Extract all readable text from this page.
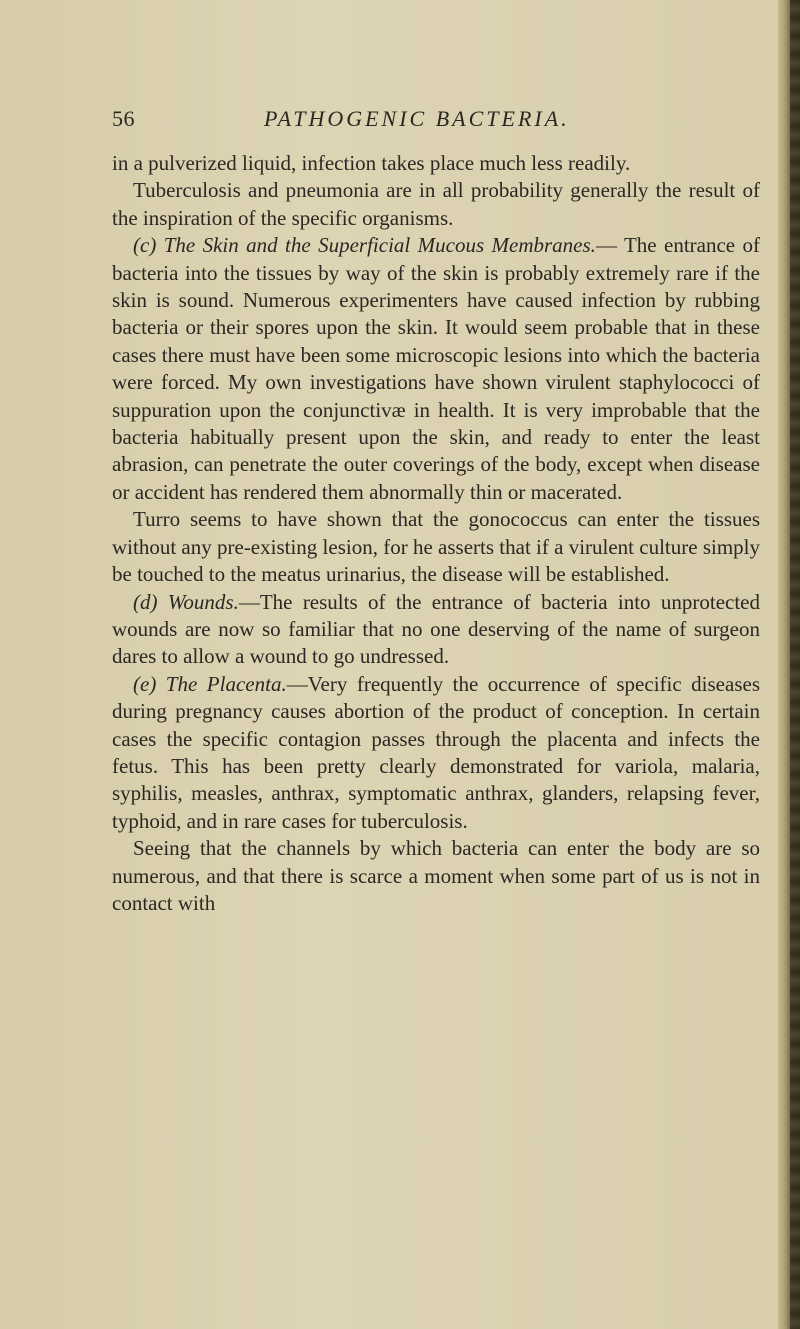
56	PATHOGENIC BACTERIA.

in a pulverized liquid, infection takes place much less readily.

Tuberculosis and pneumonia are in all probability generally the result of the inspiration of the specific organisms.

(c) The Skin and the Superficial Mucous Membranes.— The entrance of bacteria into the tissues by way of the skin is probably extremely rare if the skin is sound. Numerous experimenters have caused infection by rubbing bacteria or their spores upon the skin. It would seem probable that in these cases there must have been some microscopic lesions into which the bacteria were forced. My own investigations have shown virulent staphylococci of suppuration upon the conjunctivæ in health. It is very improbable that the bacteria habitually present upon the skin, and ready to enter the least abrasion, can penetrate the outer coverings of the body, except when disease or accident has rendered them abnormally thin or macerated.

Turro seems to have shown that the gonococcus can enter the tissues without any pre-existing lesion, for he asserts that if a virulent culture simply be touched to the meatus urinarius, the disease will be established.

(d) Wounds.—The results of the entrance of bacteria into unprotected wounds are now so familiar that no one deserving of the name of surgeon dares to allow a wound to go undressed.

(e) The Placenta.—Very frequently the occurrence of specific diseases during pregnancy causes abortion of the product of conception. In certain cases the specific contagion passes through the placenta and infects the fetus. This has been pretty clearly demonstrated for variola, malaria, syphilis, measles, anthrax, symptomatic anthrax, glanders, relapsing fever, typhoid, and in rare cases for tuberculosis.

Seeing that the channels by which bacteria can enter the body are so numerous, and that there is scarce a moment when some part of us is not in contact with
